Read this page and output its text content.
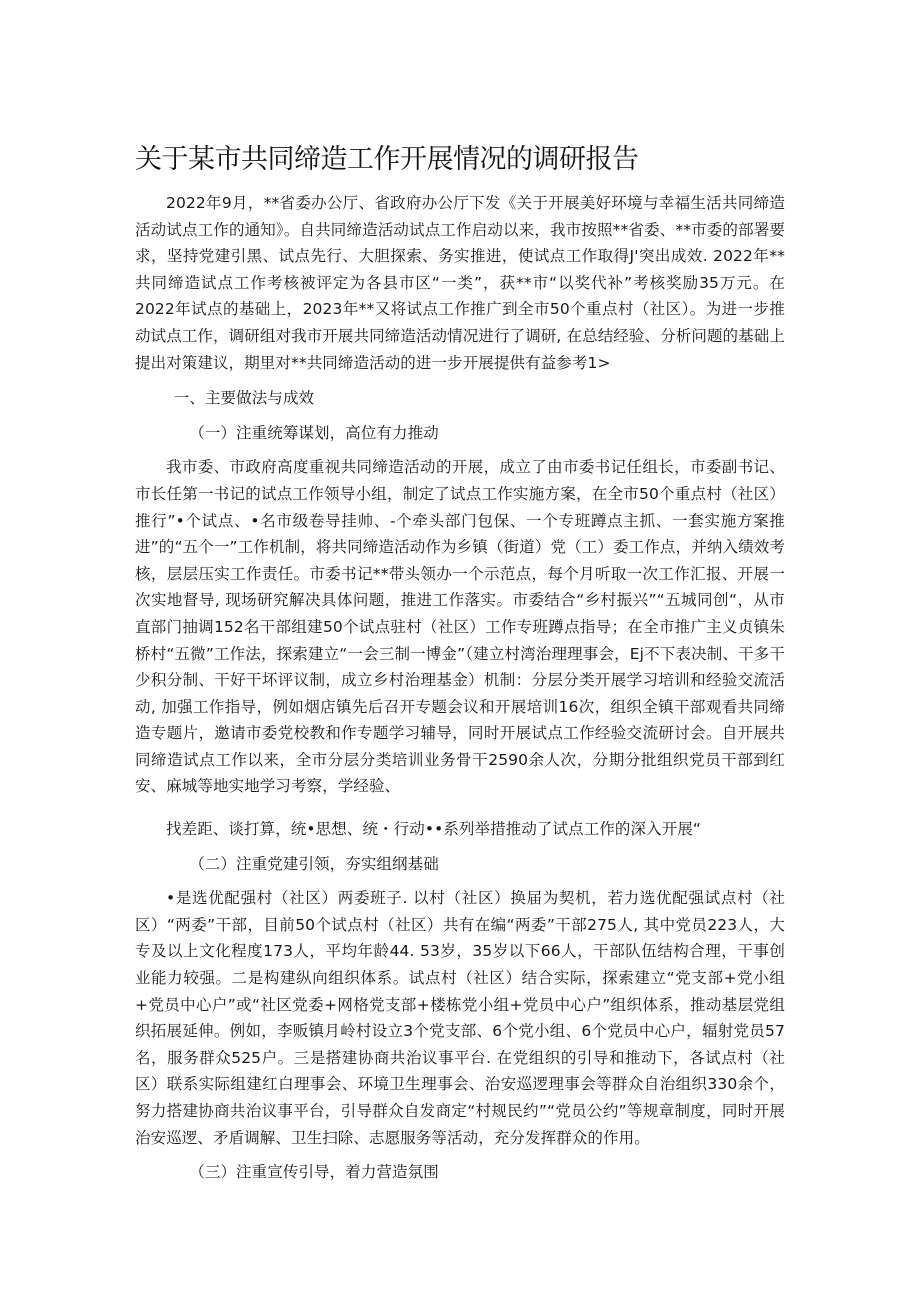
关于某市共同缔造工作开展情况的调研报告

2022年9月，**省委办公厅、省政府办公厅下发《关于开展美好环境与幸福生活共同缔造活动试点工作的通知》。自共同缔造活动试点工作启动以来，我市按照**省委、**市委的部署要求，坚持党建引黑、试点先行、大胆探索、务实推进，使试点工作取得J'突出成效. 2022年**共同缔造试点工作考核被评定为各县市区“一类”，获**市“以奖代补”考核奖励35万元。在2022年试点的基础上，2023年**又将试点工作推广到全市50个重点村（社区）。为进一步推动试点工作，调研组对我市开展共同缔造活动情况进行了调研, 在总结经验、分析问题的基础上提出对策建议，期里对**共同缔造活动的进一步开展提供有益参考1>

一、主要做法与成效

（一）注重统筹谋划，高位有力推动

我市委、市政府高度重视共同缔造活动的开展，成立了由市委书记任组长，市委副书记、市长任第一书记的试点工作领导小组，制定了试点工作实施方案，在全市50个重点村（社区）推行”•个试点、•名市级卷导挂帅、-个牵头部门包保、一个专班蹲点主抓、一套实施方案推进”的“五个一”工作机制，将共同缔造活动作为乡镇（街道）党（工）委工作点，并纳入绩效考核，层层压实工作责任。市委书记**带头领办一个示范点，每个月听取一次工作汇报、开展一次实地督导, 现场研究解决具体问题，推进工作落实。市委结合“乡村振兴”“五城同创“，从市直部门抽调152名干部组建50个试点驻村（社区）工作专班蹲点指导；在全市推广主义贞镇朱桥村“五微”工作法，探索建立“一会三制一博金”（建立村湾治理理事会，Ej不下表决制、干多干少积分制、干好干坏评议制，成立乡村治理基金）机制：分层分类开展学习培训和经验交流活动, 加强工作指导，例如烟店镇先后召开专题会议和开展培训16次，组织全镇干部观看共同缔造专题片，邀请市委党校教和作专题学习辅导，同时开展试点工作经验交流研讨会。自开展共同缔造试点工作以来，全市分层分类培训业务骨干2590余人次，分期分批组织党员干部到红安、麻城等地实地学习考察，学经验、

找差距、谈打算，统•思想、统・行动••系列举措推动了试点工作的深入开展“

（二）注重党建引领，夯实组纲基础

•是选优配强村（社区）两委班子. 以村（社区）换届为契机，若力选优配强试点村（社区）“两委”干部，目前50个试点村（社区）共有在编“两委”干部275人, 其中党员223人，大专及以上文化程度173人，平均年龄44. 53岁，35岁以下66人，干部队伍结构合理，干事创业能力较强。二是构建纵向组织体系。试点村（社区）结合实际，探索建立“党支部+党小组+党员中心户”或“社区党委+网格党支部+楼栋党小组+党员中心户”组织体系，推动基层党组织拓展延伸。例如，李贩镇月岭村设立3个党支部、6个党小组、6个党员中心户，辐射党员57名，服务群众525户。三是搭建协商共治议事平台. 在党组织的引导和推动下，各试点村（社区）联系实际组建红白理事会、环境卫生理事会、治安巡逻理事会等群众自治组织330余个，努力搭建协商共治议事平台，引导群众自发商定“村规民约”“党员公约”等规章制度，同时开展治安巡逻、矛盾调解、卫生扫除、志愿服务等活动，充分发挥群众的作用。

（三）注重宣传引导，着力营造氛围
